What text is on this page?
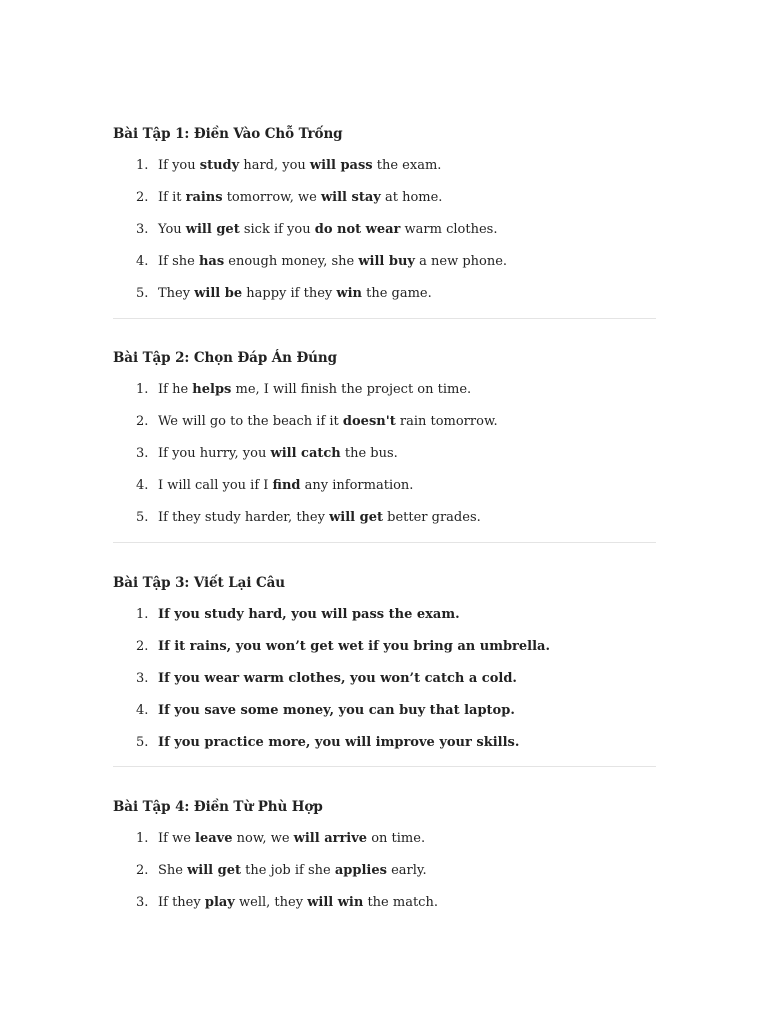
Bài Tập 1: Điền Vào Chỗ Trống
1. If you study hard, you will pass the exam.
2. If it rains tomorrow, we will stay at home.
3. You will get sick if you do not wear warm clothes.
4. If she has enough money, she will buy a new phone.
5. They will be happy if they win the game.
Bài Tập 2: Chọn Đáp Án Đúng
1. If he helps me, I will finish the project on time.
2. We will go to the beach if it doesn't rain tomorrow.
3. If you hurry, you will catch the bus.
4. I will call you if I find any information.
5. If they study harder, they will get better grades.
Bài Tập 3: Viết Lại Câu
1. If you study hard, you will pass the exam.
2. If it rains, you won’t get wet if you bring an umbrella.
3. If you wear warm clothes, you won’t catch a cold.
4. If you save some money, you can buy that laptop.
5. If you practice more, you will improve your skills.
Bài Tập 4: Điền Từ Phù Hợp
1. If we leave now, we will arrive on time.
2. She will get the job if she applies early.
3. If they play well, they will win the match.
